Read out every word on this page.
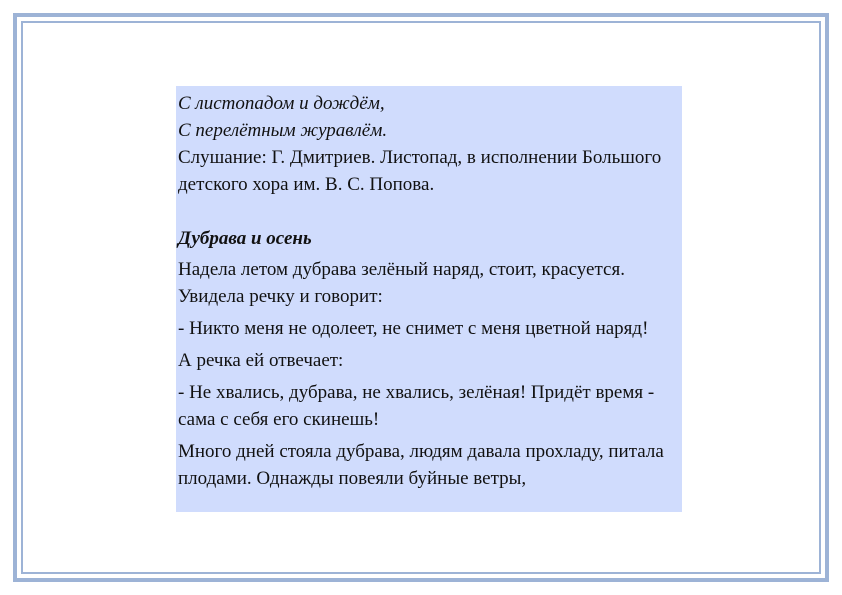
С листопадом и дождём,

С перелётным журавлём.

Слушание: Г. Дмитриев. Листопад, в исполнении Большого детского хора им. В. С. Попова.

Дубрава и осень

Надела летом дубрава зелёный наряд, стоит, красуется. Увидела речку и говорит:

- Никто меня не одолеет, не снимет с меня цветной наряд!

А речка ей отвечает:

- Не хвались, дубрава, не хвались, зелёная! Придёт время - сама с себя его скинешь!

Много дней стояла дубрава, людям давала прохладу, питала плодами. Однажды повеяли буйные ветры,
